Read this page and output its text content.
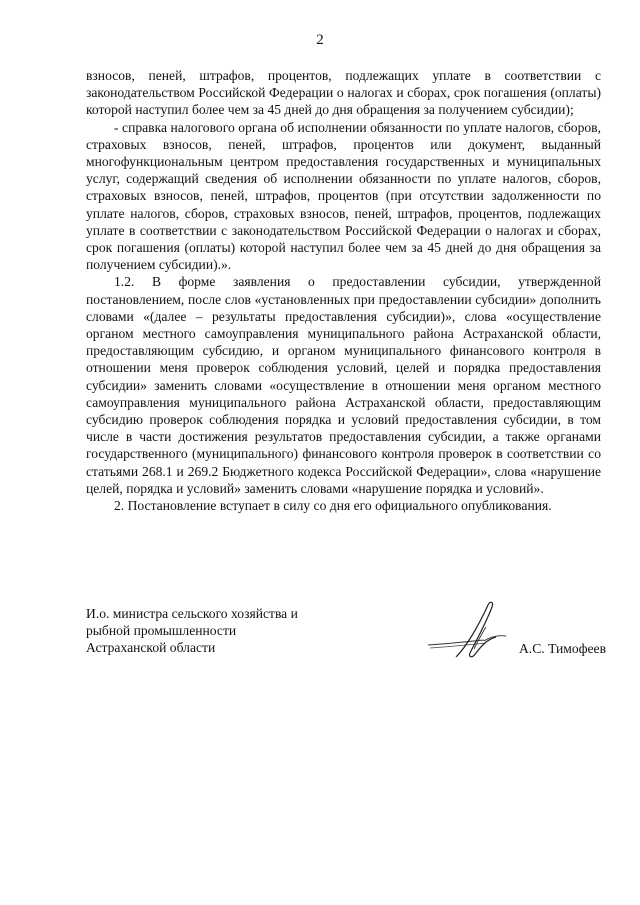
2

взносов, пеней, штрафов, процентов, подлежащих уплате в соответствии с законодательством Российской Федерации о налогах и сборах, срок погашения (оплаты) которой наступил более чем за 45 дней до дня обращения за получением субсидии);

- справка налогового органа об исполнении обязанности по уплате налогов, сборов, страховых взносов, пеней, штрафов, процентов или документ, выданный многофункциональным центром предоставления государственных и муниципальных услуг, содержащий сведения об исполнении обязанности по уплате налогов, сборов, страховых взносов, пеней, штрафов, процентов (при отсутствии задолженности по уплате налогов, сборов, страховых взносов, пеней, штрафов, процентов, подлежащих уплате в соответствии с законодательством Российской Федерации о налогах и сборах, срок погашения (оплаты) которой наступил более чем за 45 дней до дня обращения за получением субсидии).».

1.2. В форме заявления о предоставлении субсидии, утвержденной постановлением, после слов «установленных при предоставлении субсидии» дополнить словами «(далее – результаты предоставления субсидии)», слова «осуществление органом местного самоуправления муниципального района Астраханской области, предоставляющим субсидию, и органом муниципального финансового контроля в отношении меня проверок соблюдения условий, целей и порядка предоставления субсидии» заменить словами «осуществление в отношении меня органом местного самоуправления муниципального района Астраханской области, предоставляющим субсидию проверок соблюдения порядка и условий предоставления субсидии, в том числе в части достижения результатов предоставления субсидии, а также органами государственного (муниципального) финансового контроля проверок в соответствии со статьями 268.1 и 269.2 Бюджетного кодекса Российской Федерации», слова «нарушение целей, порядка и условий» заменить словами «нарушение порядка и условий».

2. Постановление вступает в силу со дня его официального опубликования.

И.о. министра сельского хозяйства и
рыбной промышленности
Астраханской области	А.С. Тимофеев
